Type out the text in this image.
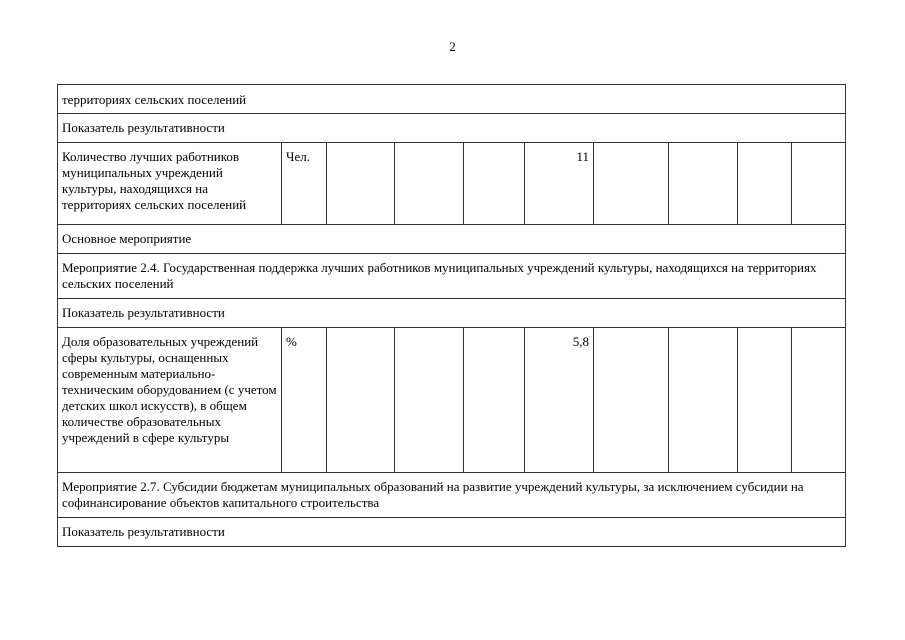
2
территориях сельских поселений									
Показатель результативности									
Количество лучших работников муниципальных учреждений культуры, находящихся на территориях сельских поселений	Чел.				11				
Основное мероприятие									
Мероприятие 2.4. Государственная поддержка лучших работников муниципальных учреждений культуры, находящихся на территориях сельских поселений									
Показатель результативности									
Доля образовательных учреждений сферы культуры, оснащенных современным материально-техническим оборудованием (с учетом детских школ искусств), в общем количестве образовательных учреждений в сфере культуры	%				5,8				
Мероприятие 2.7. Субсидии бюджетам муниципальных образований на развитие учреждений культуры, за исключением субсидии на софинансирование объектов капитального строительства									
Показатель результативности									
